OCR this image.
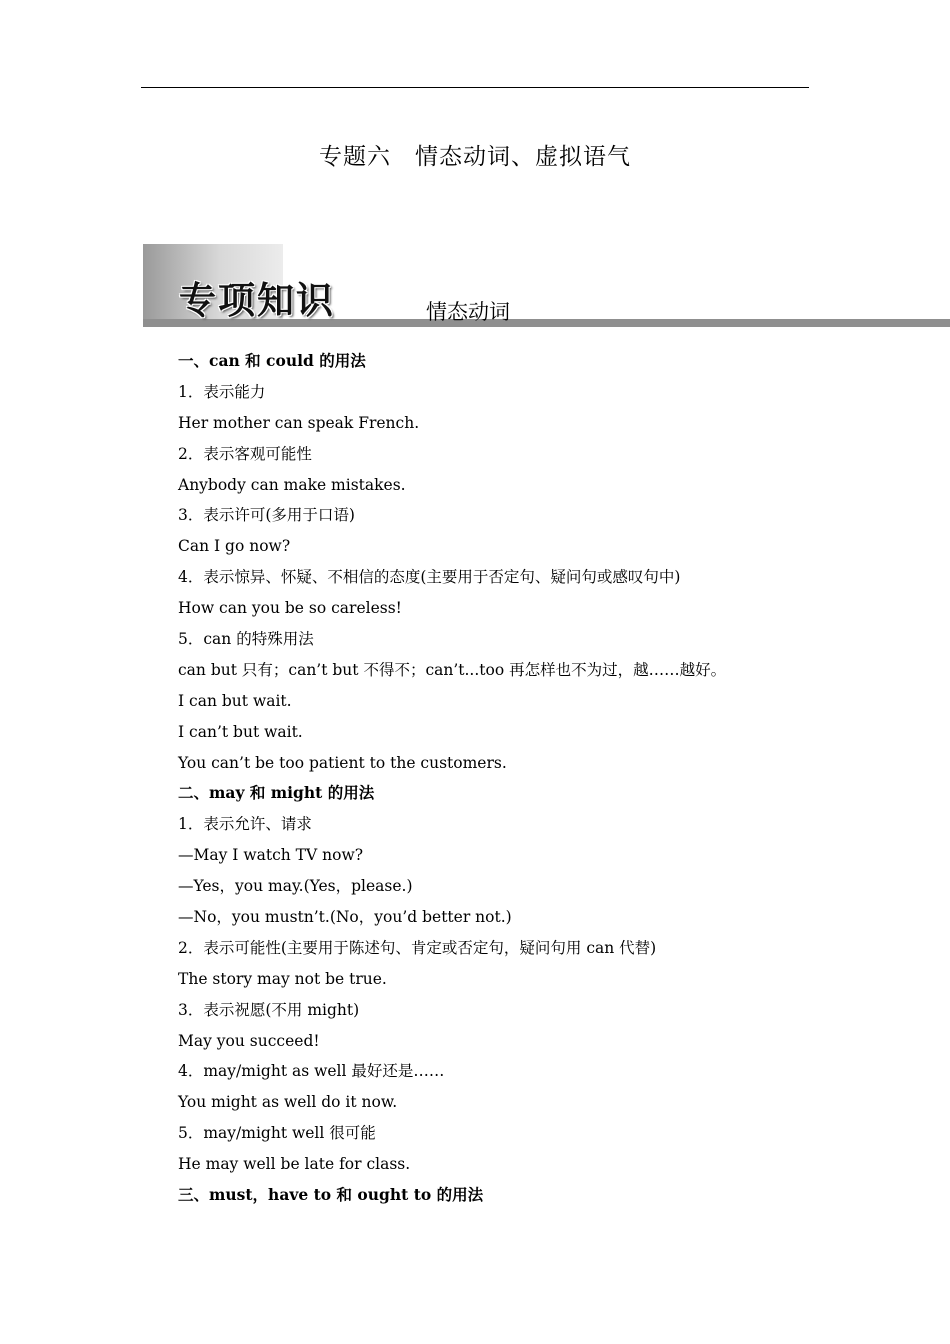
专题六　情态动词、虚拟语气
专项知识	情态动词
一、can 和 could 的用法
1．表示能力
Her mother can speak French.
2．表示客观可能性
Anybody can make mistakes.
3．表示许可(多用于口语)
Can I go now?
4．表示惊异、怀疑、不相信的态度(主要用于否定句、疑问句或感叹句中)
How can you be so careless!
5．can 的特殊用法
can but 只有；can’t but 不得不；can’t...too 再怎样也不为过，越……越好。
I can but wait.
I can’t but wait.
You can’t be too patient to the customers.
二、may 和 might 的用法
1．表示允许、请求
—May I watch TV now?
—Yes，you may.(Yes，please.)
—No，you mustn’t.(No，you’d better not.)
2．表示可能性(主要用于陈述句、肯定或否定句，疑问句用 can 代替)
The story may not be true.
3．表示祝愿(不用 might)
May you succeed!
4．may/might as well 最好还是……
You might as well do it now.
5．may/might well 很可能
He may well be late for class.
三、must，have to 和 ought to 的用法
